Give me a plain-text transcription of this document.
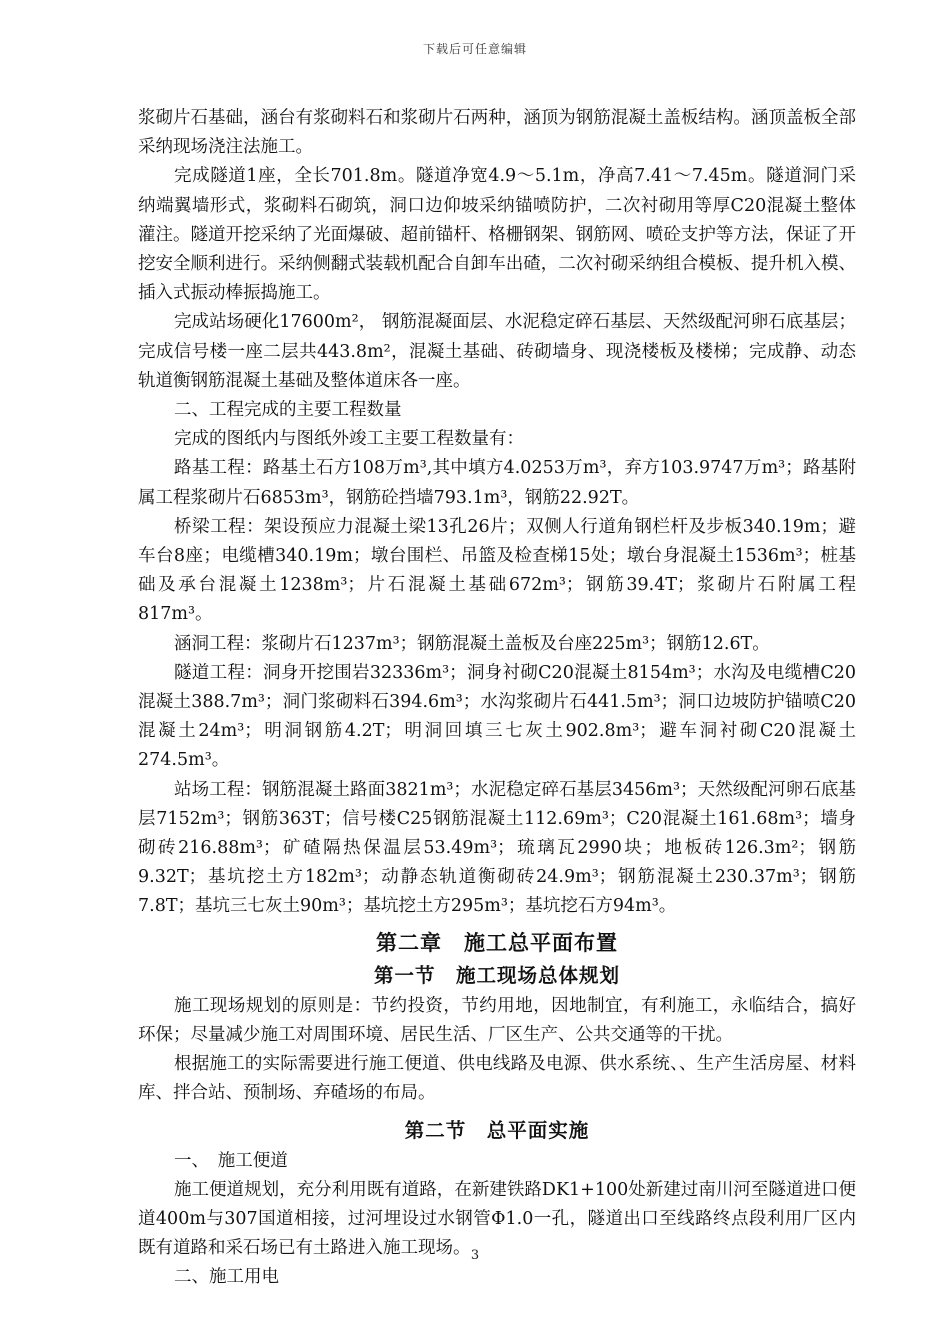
下载后可任意编辑

浆砌片石基础，涵台有浆砌料石和浆砌片石两种，涵顶为钢筋混凝土盖板结构。涵顶盖板全部采纳现场浇注法施工。

完成隧道1座，全长701.8m。隧道净宽4.9～5.1m，净高7.41～7.45m。隧道洞门采纳端翼墙形式，浆砌料石砌筑，洞口边仰坡采纳锚喷防护，二次衬砌用等厚C20混凝土整体灌注。隧道开挖采纳了光面爆破、超前锚杆、格栅钢架、钢筋网、喷砼支护等方法，保证了开挖安全顺利进行。采纳侧翻式装载机配合自卸车出碴，二次衬砌采纳组合模板、提升机入模、插入式振动棒振捣施工。

完成站场硬化17600m²， 钢筋混凝面层、水泥稳定碎石基层、天然级配河卵石底基层；完成信号楼一座二层共443.8m²，混凝土基础、砖砌墙身、现浇楼板及楼梯；完成静、动态轨道衡钢筋混凝土基础及整体道床各一座。

二、工程完成的主要工程数量

完成的图纸内与图纸外竣工主要工程数量有：

路基工程：路基土石方108万m³,其中填方4.0253万m³，弃方103.9747万m³；路基附属工程浆砌片石6853m³，钢筋砼挡墙793.1m³，钢筋22.92T。

桥梁工程：架设预应力混凝土梁13孔26片；双侧人行道角钢栏杆及步板340.19m；避车台8座；电缆槽340.19m；墩台围栏、吊篮及检查梯15处；墩台身混凝土1536m³；桩基础及承台混凝土1238m³；片石混凝土基础672m³；钢筋39.4T；浆砌片石附属工程817m³。

涵洞工程：浆砌片石1237m³；钢筋混凝土盖板及台座225m³；钢筋12.6T。

隧道工程：洞身开挖围岩32336m³；洞身衬砌C20混凝土8154m³；水沟及电缆槽C20混凝土388.7m³；洞门浆砌料石394.6m³；水沟浆砌片石441.5m³；洞口边坡防护锚喷C20混凝土24m³；明洞钢筋4.2T；明洞回填三七灰土902.8m³；避车洞衬砌C20混凝土274.5m³。

站场工程：钢筋混凝土路面3821m³；水泥稳定碎石基层3456m³；天然级配河卵石底基层7152m³；钢筋363T；信号楼C25钢筋混凝土112.69m³；C20混凝土161.68m³；墙身砌砖216.88m³；矿碴隔热保温层53.49m³；琉璃瓦2990块；地板砖126.3m²；钢筋9.32T；基坑挖土方182m³；动静态轨道衡砌砖24.9m³；钢筋混凝土230.37m³；钢筋7.8T；基坑三七灰土90m³；基坑挖土方295m³；基坑挖石方94m³。

第二章　施工总平面布置
第一节　施工现场总体规划

施工现场规划的原则是：节约投资，节约用地，因地制宜，有利施工，永临结合，搞好环保；尽量减少施工对周围环境、居民生活、厂区生产、公共交通等的干扰。

根据施工的实际需要进行施工便道、供电线路及电源、供水系统、、生产生活房屋、材料库、拌合站、预制场、弃碴场的布局。

第二节　总平面实施

一、　施工便道

施工便道规划，充分利用既有道路，在新建铁路DK1+100处新建过南川河至隧道进口便道400m与307国道相接，过河埋设过水钢管Φ1.0一孔，隧道出口至线路终点段利用厂区内既有道路和采石场已有土路进入施工现场。

二、施工用电

3
